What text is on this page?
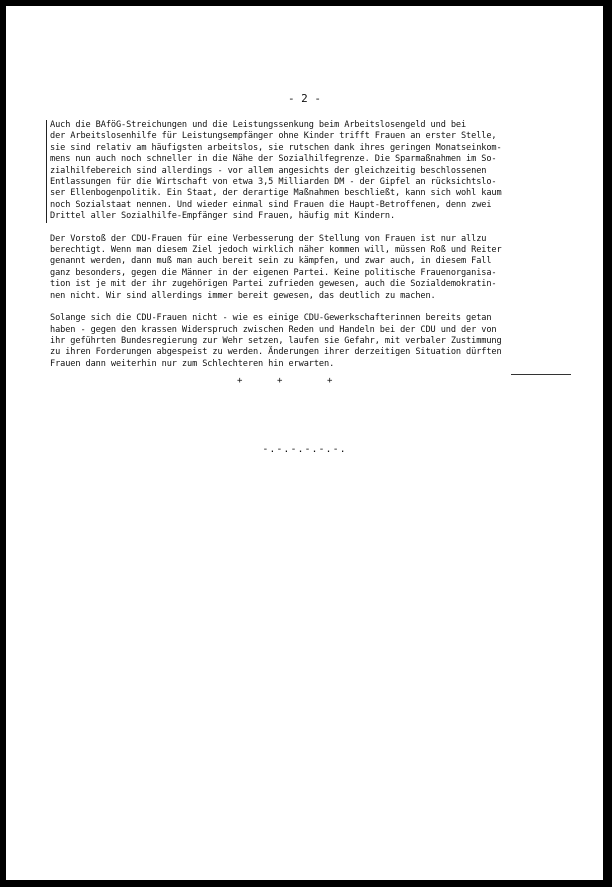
- 2 -

Auch die BAföG-Streichungen und die Leistungssenkung beim Arbeitslosengeld und bei
der Arbeitslosenhilfe für Leistungsempfänger ohne Kinder trifft Frauen an erster Stelle,
sie sind relativ am häufigsten arbeitslos, sie rutschen dank ihres geringen Monatseinkom-
mens nun auch noch schneller in die Nähe der Sozialhilfegrenze. Die Sparmaßnahmen im So-
zialhilfebereich sind allerdings - vor allem angesichts der gleichzeitig beschlossenen
Entlassungen für die Wirtschaft von etwa 3,5 Milliarden DM - der Gipfel an rücksichtslo-
ser Ellenbogenpolitik. Ein Staat, der derartige Maßnahmen beschließt, kann sich wohl kaum
noch Sozialstaat nennen. Und wieder einmal sind Frauen die Haupt-Betroffenen, denn zwei
Drittel aller Sozialhilfe-Empfänger sind Frauen, häufig mit Kindern.

Der Vorstoß der CDU-Frauen für eine Verbesserung der Stellung von Frauen ist nur allzu
berechtigt. Wenn man diesem Ziel jedoch wirklich näher kommen will, müssen Roß und Reiter
genannt werden, dann muß man auch bereit sein zu kämpfen, und zwar auch, in diesem Fall
ganz besonders, gegen die Männer in der eigenen Partei. Keine politische Frauenorganisa-
tion ist je mit der ihr zugehörigen Partei zufrieden gewesen, auch die Sozialdemokratin-
nen nicht. Wir sind allerdings immer bereit gewesen, das deutlich zu machen.

Solange sich die CDU-Frauen nicht - wie es einige CDU-Gewerkschafterinnen bereits getan
haben - gegen den krassen Widerspruch zwischen Reden und Handeln bei der CDU und der von
ihr geführten Bundesregierung zur Wehr setzen, laufen sie Gefahr, mit verbaler Zustimmung
zu ihren Forderungen abgespeist zu werden. Änderungen ihrer derzeitigen Situation dürften
Frauen dann weiterhin nur zum Schlechteren hin erwarten.

+	+	+
-.-.-.-.-.-.
